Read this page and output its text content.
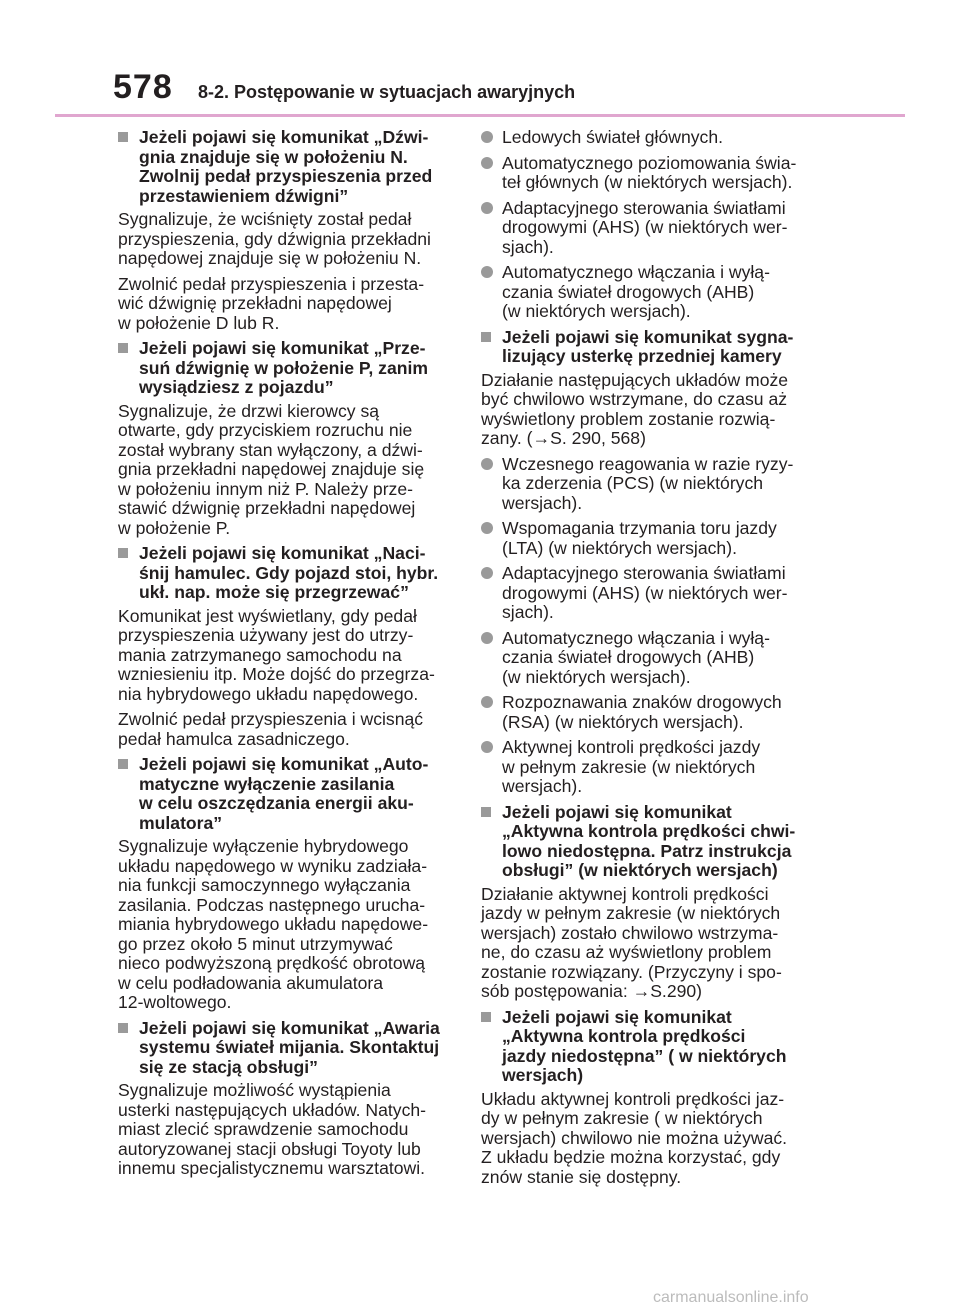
578 8-2. Postępowanie w sytuacjach awaryjnych
Jeżeli pojawi się komunikat „Dźwi-
gnia znajduje się w położeniu N.
Zwolnij pedał przyspieszenia przed
przestawieniem dźwigni”
Sygnalizuje, że wciśnięty został pedał
przyspieszenia, gdy dźwignia przekładni
napędowej znajduje się w położeniu N.
Zwolnić pedał przyspieszenia i przesta-
wić dźwignię przekładni napędowej
w położenie D lub R.
Jeżeli pojawi się komunikat „Prze-
suń dźwignię w położenie P, zanim
wysiądziesz z pojazdu”
Sygnalizuje, że drzwi kierowcy są
otwarte, gdy przyciskiem rozruchu nie
został wybrany stan wyłączony, a dźwi-
gnia przekładni napędowej znajduje się
w położeniu innym niż P. Należy prze-
stawić dźwignię przekładni napędowej
w położenie P.
Jeżeli pojawi się komunikat „Naci-
śnij hamulec. Gdy pojazd stoi, hybr.
ukł. nap. może się przegrzewać”
Komunikat jest wyświetlany, gdy pedał
przyspieszenia używany jest do utrzy-
mania zatrzymanego samochodu na
wzniesieniu itp. Może dojść do przegrza-
nia hybrydowego układu napędowego.
Zwolnić pedał przyspieszenia i wcisnąć
pedał hamulca zasadniczego.
Jeżeli pojawi się komunikat „Auto-
matyczne wyłączenie zasilania
w celu oszczędzania energii aku-
mulatora”
Sygnalizuje wyłączenie hybrydowego
układu napędowego w wyniku zadziała-
nia funkcji samoczynnego wyłączania
zasilania. Podczas następnego urucha-
miania hybrydowego układu napędowe-
go przez około 5 minut utrzymywać
nieco podwyższoną prędkość obrotową
w celu podładowania akumulatora
12-woltowego.
Jeżeli pojawi się komunikat „Awaria
systemu świateł mijania. Skontaktuj
się ze stacją obsługi”
Sygnalizuje możliwość wystąpienia
usterki następujących układów. Natych-
miast zlecić sprawdzenie samochodu
autoryzowanej stacji obsługi Toyoty lub
innemu specjalistycznemu warsztatowi.
Ledowych świateł głównych.
Automatycznego poziomowania świa-
teł głównych (w niektórych wersjach).
Adaptacyjnego sterowania światłami
drogowymi (AHS) (w niektórych wer-
sjach).
Automatycznego włączania i wyłą-
czania świateł drogowych (AHB)
(w niektórych wersjach).
Jeżeli pojawi się komunikat sygna-
lizujący usterkę przedniej kamery
Działanie następujących układów może
być chwilowo wstrzymane, do czasu aż
wyświetlony problem zostanie rozwią-
zany. (→S. 290, 568)
Wczesnego reagowania w razie ryzy-
ka zderzenia (PCS) (w niektórych
wersjach).
Wspomagania trzymania toru jazdy
(LTA) (w niektórych wersjach).
Adaptacyjnego sterowania światłami
drogowymi (AHS) (w niektórych wer-
sjach).
Automatycznego włączania i wyłą-
czania świateł drogowych (AHB)
(w niektórych wersjach).
Rozpoznawania znaków drogowych
(RSA) (w niektórych wersjach).
Aktywnej kontroli prędkości jazdy
w pełnym zakresie (w niektórych
wersjach).
Jeżeli pojawi się komunikat
„Aktywna kontrola prędkości chwi-
lowo niedostępna. Patrz instrukcja
obsługi” (w niektórych wersjach)
Działanie aktywnej kontroli prędkości
jazdy w pełnym zakresie (w niektórych
wersjach) zostało chwilowo wstrzyma-
ne, do czasu aż wyświetlony problem
zostanie rozwiązany. (Przyczyny i spo-
sób postępowania: →S.290)
Jeżeli pojawi się komunikat
„Aktywna kontrola prędkości
jazdy niedostępna” ( w niektórych
wersjach)
Układu aktywnej kontroli prędkości jaz-
dy w pełnym zakresie ( w niektórych
wersjach) chwilowo nie można używać.
Z układu będzie można korzystać, gdy
znów stanie się dostępny.
carmanualsonline.info
